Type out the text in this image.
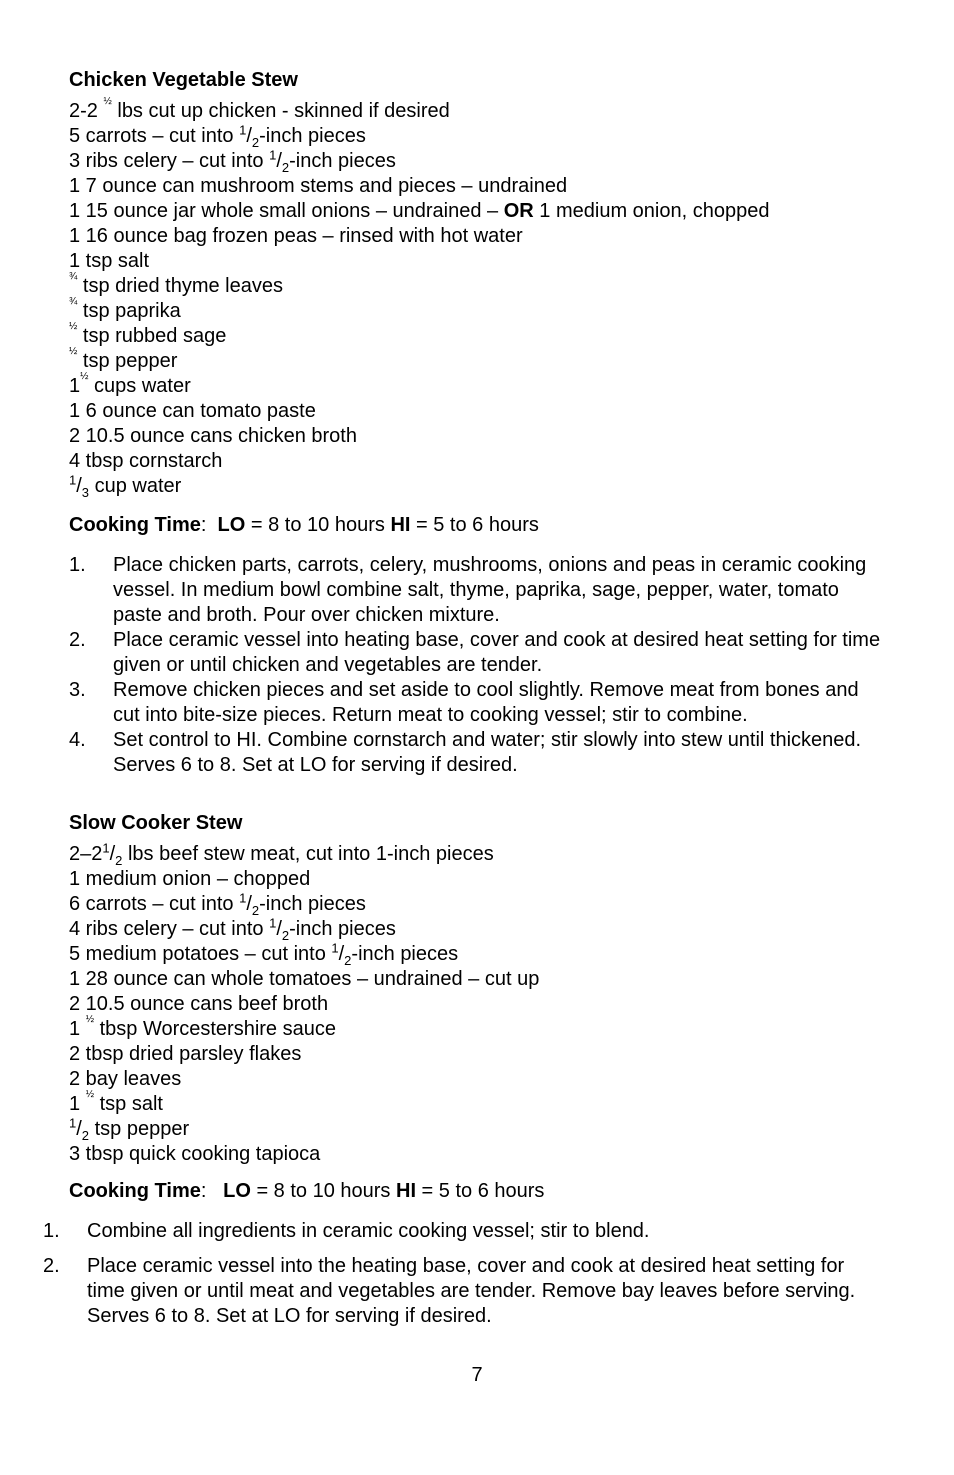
Chicken Vegetable Stew
2-2 $^{\frac{1}{2}}$ lbs cut up chicken - skinned if desired
5 carrots – cut into $^1/_2$-inch pieces
3 ribs celery – cut into $^1/_2$-inch pieces
1 7 ounce can mushroom stems and pieces – undrained
1 15 ounce jar whole small onions – undrained – OR 1 medium onion, chopped
1 16 ounce bag frozen peas – rinsed with hot water
1 tsp salt
$^{\frac{3}{4}}$ tsp dried thyme leaves
$^{\frac{3}{4}}$ tsp paprika
$^{\frac{1}{2}}$ tsp rubbed sage
$^{\frac{1}{2}}$ tsp pepper
$1^{\frac{1}{2}}$ cups water
1 6 ounce can tomato paste
2 10.5 ounce cans chicken broth
4 tbsp cornstarch
$^1/_3$ cup water
Cooking Time:  LO = 8 to 10 hours HI = 5 to 6 hours
1.	Place chicken parts, carrots, celery, mushrooms, onions and peas in ceramic cooking vessel. In medium bowl combine salt, thyme, paprika, sage, pepper, water, tomato paste and broth. Pour over chicken mixture.
2.	Place ceramic vessel into heating base, cover and cook at desired heat setting for time given or until chicken and vegetables are tender.
3.	Remove chicken pieces and set aside to cool slightly. Remove meat from bones and cut into bite-size pieces. Return meat to cooking vessel; stir to combine.
4.	Set control to HI. Combine cornstarch and water; stir slowly into stew until thickened. Serves 6 to 8. Set at LO for serving if desired.
Slow Cooker Stew
$2-2^1/_2$ lbs beef stew meat, cut into 1-inch pieces
1 medium onion – chopped
6 carrots – cut into $^1/_2$-inch pieces
4 ribs celery – cut into $^1/_2$-inch pieces
5 medium potatoes – cut into $^1/_2$-inch pieces
1 28 ounce can whole tomatoes – undrained – cut up
2 10.5 ounce cans beef broth
1 $^{\frac{1}{2}}$ tbsp Worcestershire sauce
2 tbsp dried parsley flakes
2 bay leaves
1 $^{\frac{1}{2}}$ tsp salt
$^1/_2$ tsp pepper
3 tbsp quick cooking tapioca
Cooking Time:   LO = 8 to 10 hours HI = 5 to 6 hours
1.	Combine all ingredients in ceramic cooking vessel; stir to blend.
2.	Place ceramic vessel into the heating base, cover and cook at desired heat setting for time given or until meat and vegetables are tender. Remove bay leaves before serving. Serves 6 to 8. Set at LO for serving if desired.
7
